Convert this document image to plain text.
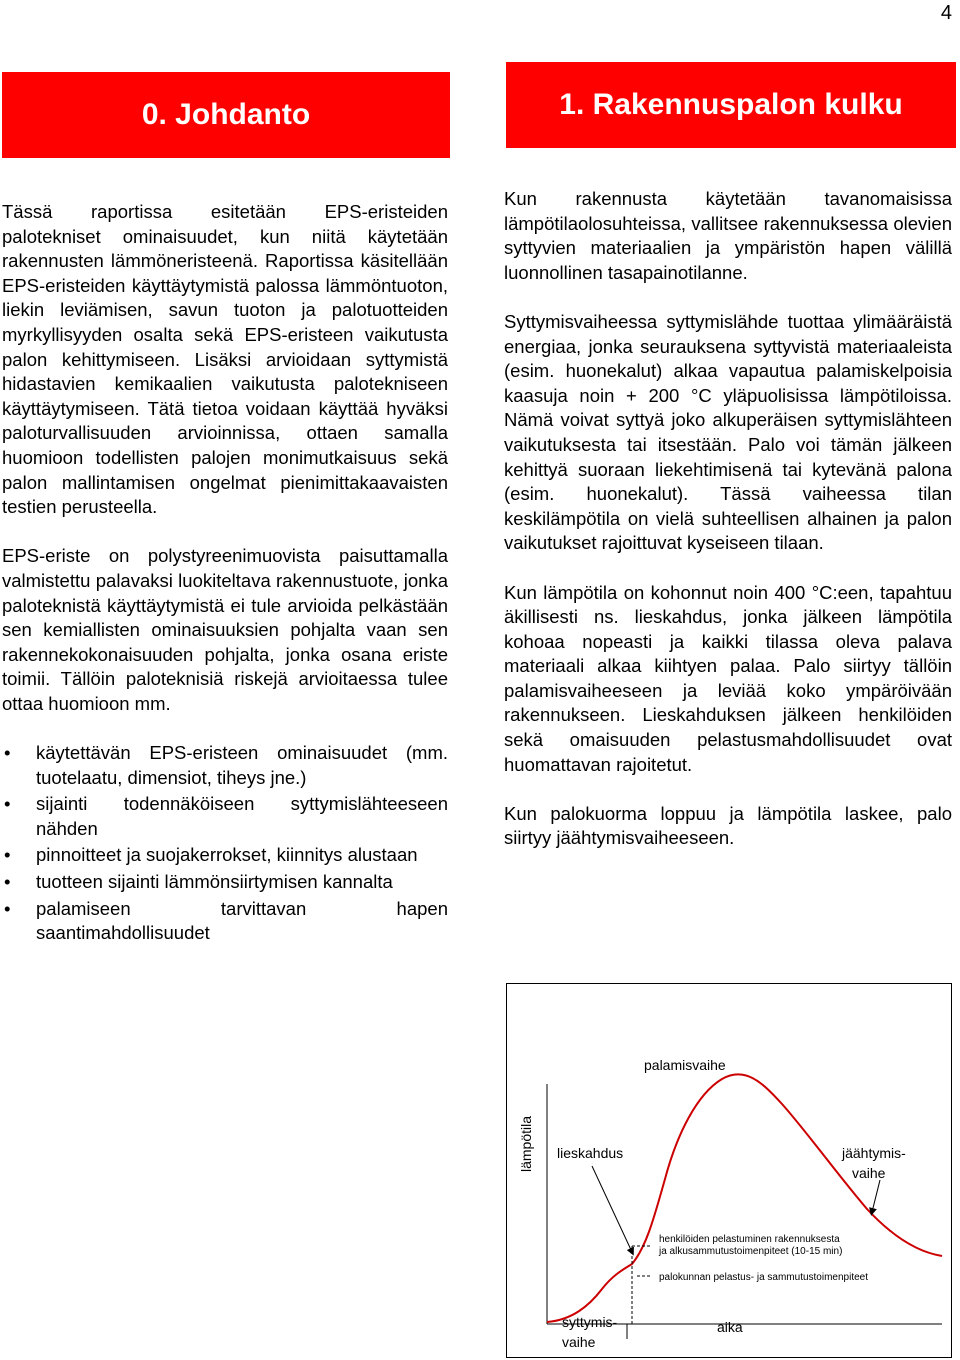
4
0. Johdanto	1. Rakennuspalon kulku

Tässä raportissa esitetään EPS-eristeiden palotekniset ominaisuudet, kun niitä käytetään rakennusten lämmöneristeenä. Raportissa käsitellään EPS-eristeiden käyttäytymistä palossa lämmöntuoton, liekin leviämisen, savun tuoton ja palotuotteiden myrkyllisyyden osalta sekä EPS-eristeen vaikutusta palon kehittymiseen. Lisäksi arvioidaan syttymistä hidastavien kemikaalien vaikutusta palotekniseen käyttäytymiseen. Tätä tietoa voidaan käyttää hyväksi paloturvallisuuden arvioinnissa, ottaen samalla huomioon todellisten palojen monimutkaisuus sekä palon mallintamisen ongelmat pienimittakaavaisten testien perusteella.

EPS-eriste on polystyreenimuovista paisuttamalla valmistettu palavaksi luokiteltava rakennustuote, jonka paloteknistä käyttäytymistä ei tule arvioida pelkästään sen kemiallisten ominaisuuksien pohjalta vaan sen rakennekokonaisuuden pohjalta, jonka osana eriste toimii. Tällöin paloteknisiä riskejä arvioitaessa tulee ottaa huomioon mm.

• käytettävän EPS-eristeen ominaisuudet (mm. tuotelaatu, dimensiot, tiheys jne.)
• sijainti todennäköiseen syttymislähteeseen nähden
• pinnoitteet ja suojakerrokset, kiinnitys alustaan
• tuotteen sijainti lämmönsiirtymisen kannalta
• palamiseen tarvittavan hapen saantimahdollisuudet

Kun rakennusta käytetään tavanomaisissa lämpötilaolosuhteissa, vallitsee rakennuksessa olevien syttyvien materiaalien ja ympäristön hapen välillä luonnollinen tasapainotilanne.

Syttymisvaiheessa syttymislähde tuottaa ylimääräistä energiaa, jonka seurauksena syttyvistä materiaaleista (esim. huonekalut) alkaa vapautua palamiskelpoisia kaasuja noin + 200 °C yläpuolisissa lämpötiloissa. Nämä voivat syttyä joko alkuperäisen syttymislähteen vaikutuksesta tai itsestään. Palo voi tämän jälkeen kehittyä suoraan liekehtimisenä tai kytevänä palona (esim. huonekalut). Tässä vaiheessa tilan keskilämpötila on vielä suhteellisen alhainen ja palon vaikutukset rajoittuvat kyseiseen tilaan.

Kun lämpötila on kohonnut noin 400 °C:een, tapahtuu äkillisesti ns. lieskahdus, jonka jälkeen lämpötila kohoaa nopeasti ja kaikki tilassa oleva palava materiaali alkaa kiihtyen palaa. Palo siirtyy tällöin palamisvaiheeseen ja leviää koko ympäröivään rakennukseen. Lieskahduksen jälkeen henkilöiden sekä omaisuuden pelastusmahdollisuudet ovat huomattavan rajoitetut.

Kun palokuorma loppuu ja lämpötila laskee, palo siirtyy jäähtymisvaiheeseen.

palamisvaihe
lieskahdus	jäähtymis-
vaihe
henkilöiden pelastuminen rakennuksesta
ja alkusammutustoimenpiteet (10-15 min)
palokunnan pelastus- ja sammutustoimenpiteet
syttymis-
vaihe
aika
lämpötila
